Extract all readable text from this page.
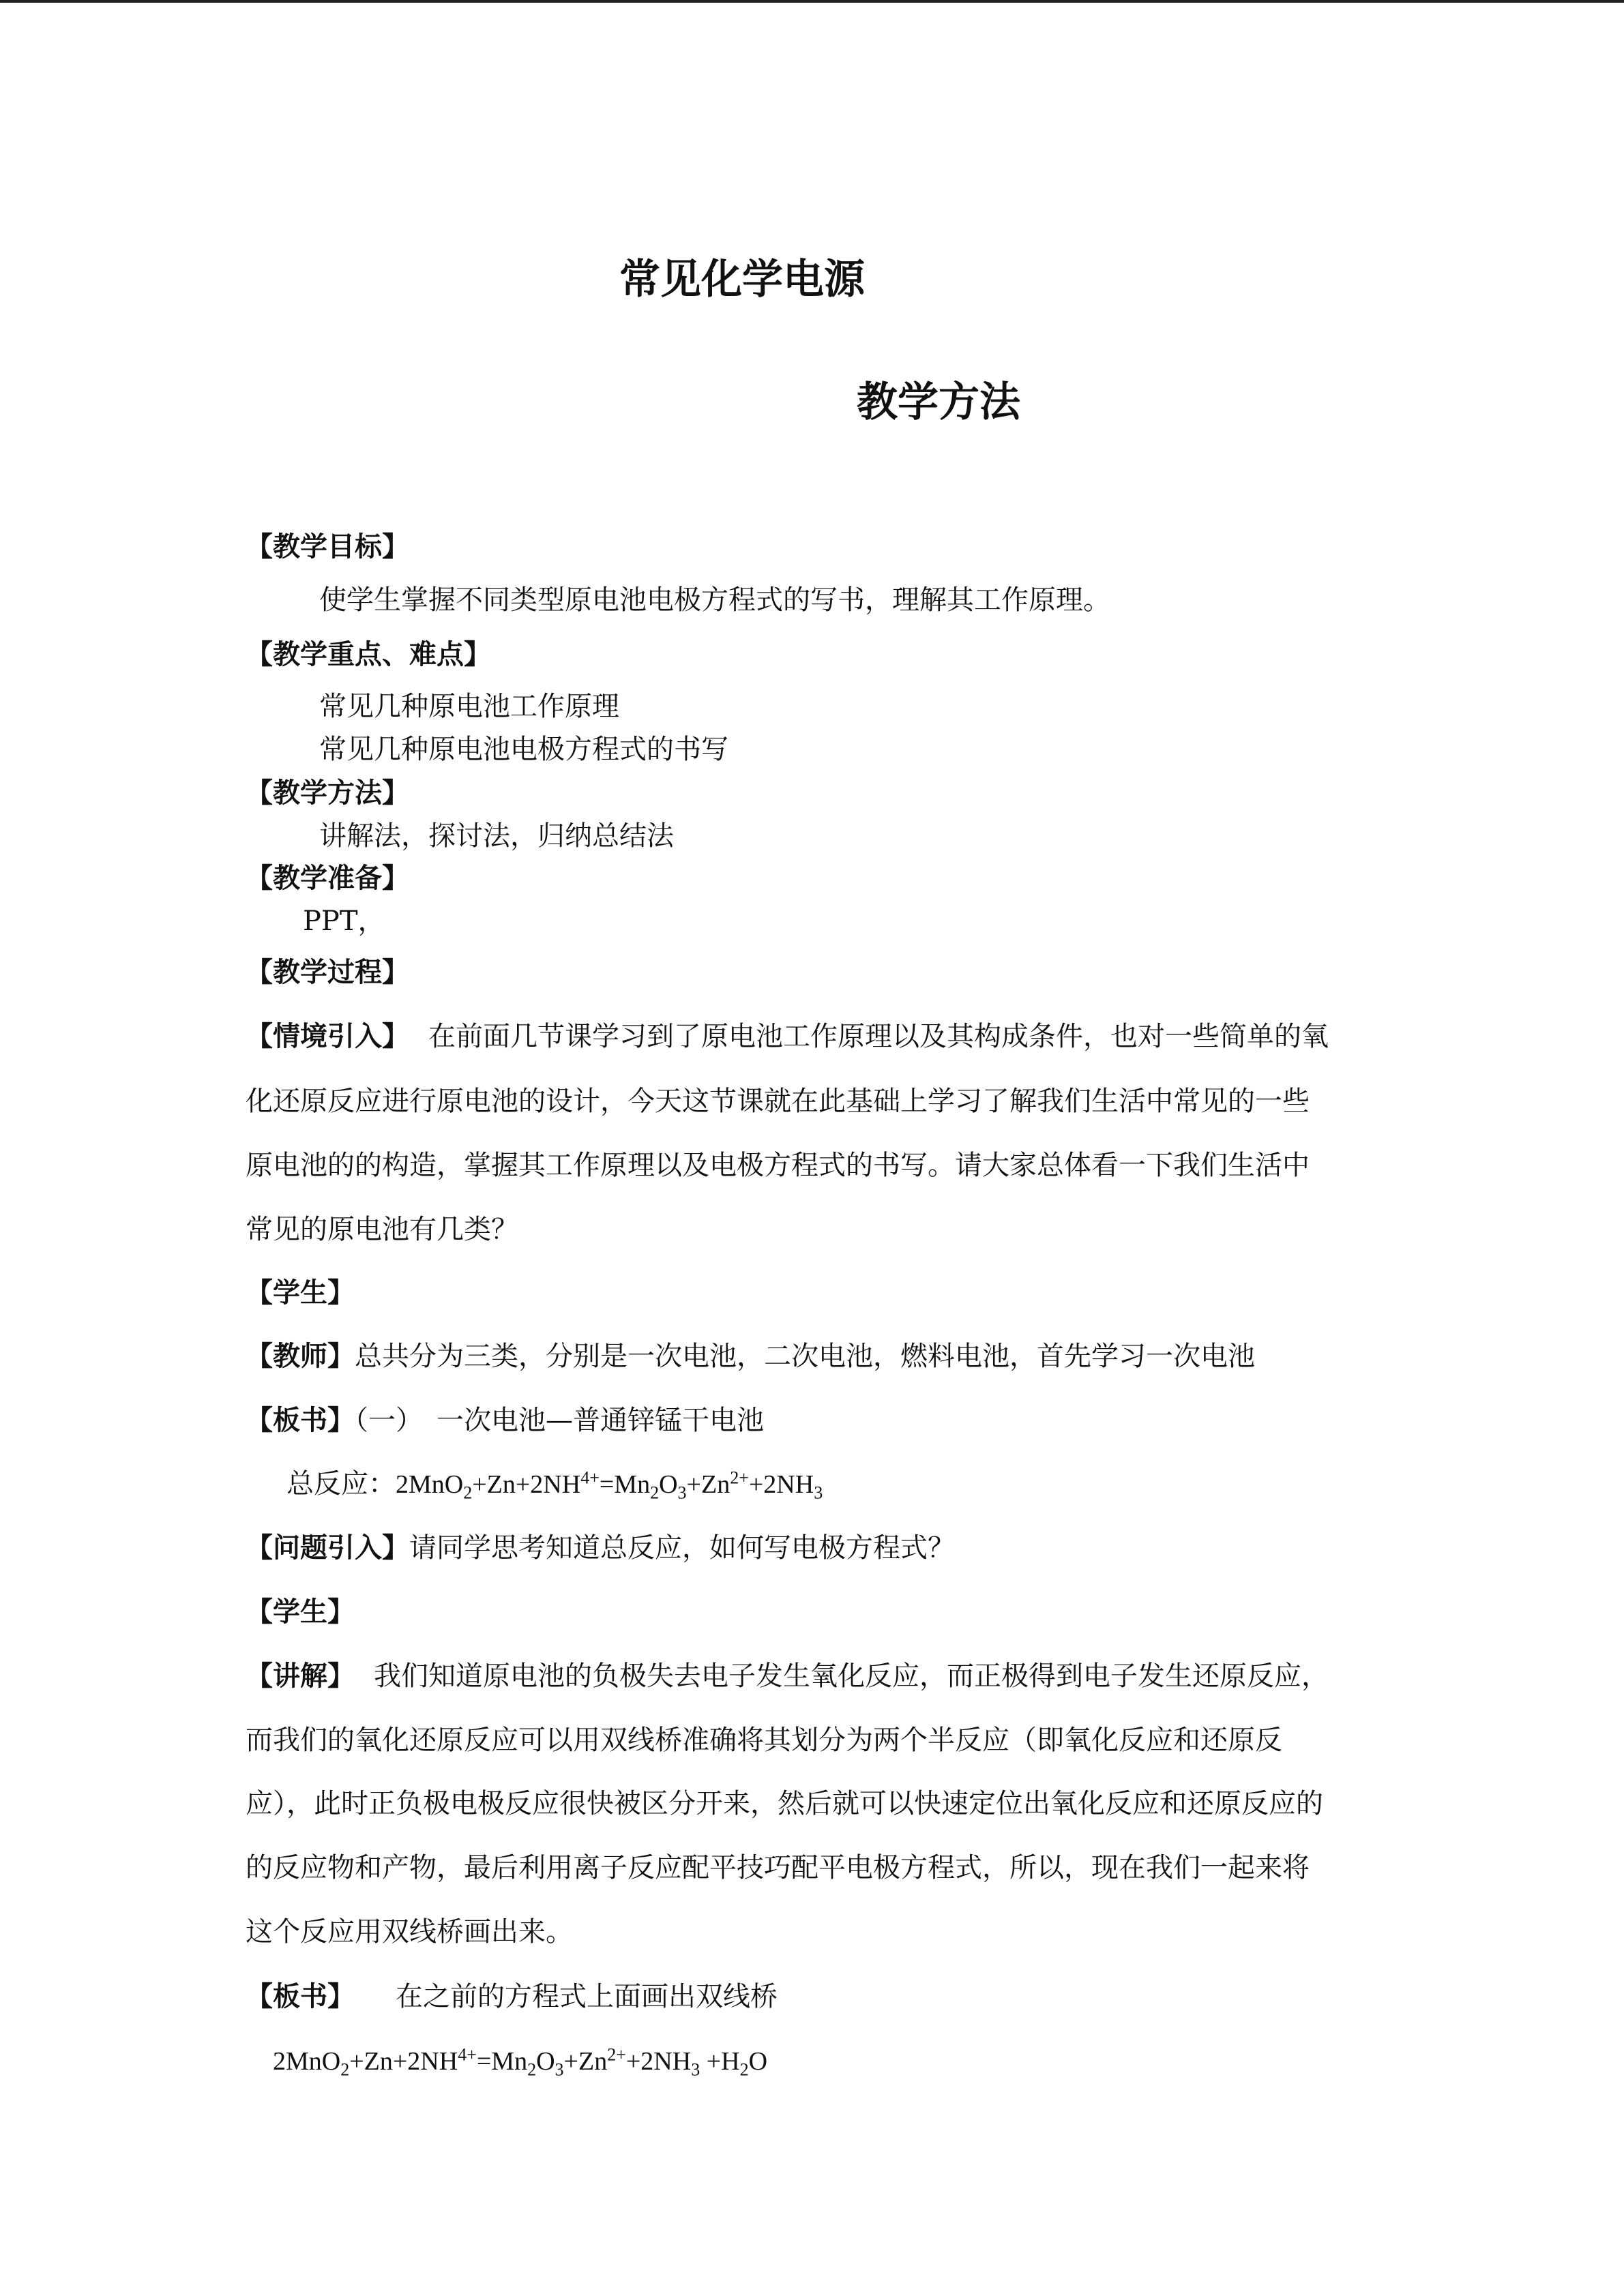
常见化学电源
教学方法

【教学目标】

使学生掌握不同类型原电池电极方程式的写书，理解其工作原理。

【教学重点、难点】

常见几种原电池工作原理

常见几种原电池电极方程式的书写

【教学方法】

讲解法，探讨法，归纳总结法

【教学准备】

PPT，

【教学过程】

【情境引入】 在前面几节课学习到了原电池工作原理以及其构成条件，也对一些简单的氧

化还原反应进行原电池的设计，今天这节课就在此基础上学习了解我们生活中常见的一些

原电池的的构造，掌握其工作原理以及电极方程式的书写。请大家总体看一下我们生活中

常见的原电池有几类？

【学生】

【教师】总共分为三类，分别是一次电池，二次电池，燃料电池，首先学习一次电池

【板书】（一）　一次电池—普通锌锰干电池

总反应：$2MnO_2+Zn+2NH^{4+}=Mn_2O_3+Zn^{2+}+2NH_3$

【问题引入】请同学思考知道总反应，如何写电极方程式？

【学生】

【讲解】 我们知道原电池的负极失去电子发生氧化反应，而正极得到电子发生还原反应，

而我们的氧化还原反应可以用双线桥准确将其划分为两个半反应（即氧化反应和还原反

应），此时正负极电极反应很快被区分开来，然后就可以快速定位出氧化反应和还原反应的

的反应物和产物，最后利用离子反应配平技巧配平电极方程式，所以，现在我们一起来将

这个反应用双线桥画出来。

【板书】 在之前的方程式上面画出双线桥

$2MnO_2+Zn+2NH^{4+}=Mn_2O_3+Zn^{2+}+2NH_3 +H_2O$
